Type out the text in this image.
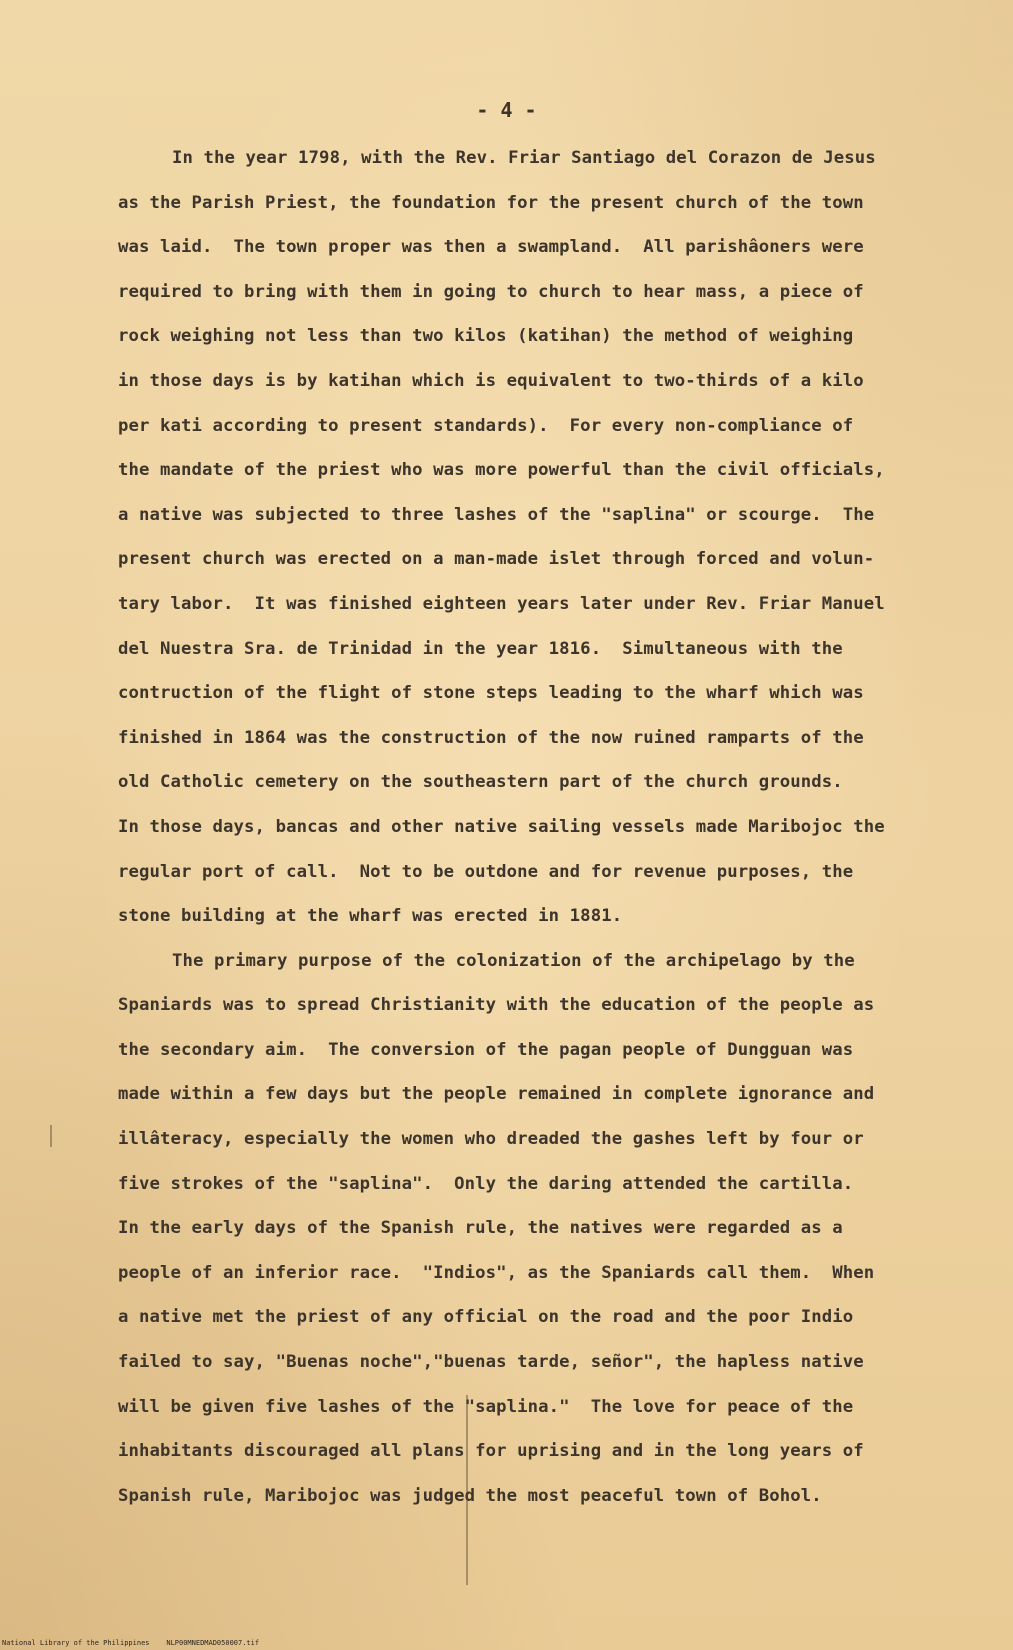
- 4 -
In the year 1798, with the Rev. Friar Santiago del Corazon de Jesus
as the Parish Priest, the foundation for the present church of the town
was laid.  The town proper was then a swampland.  All parishâoners were
required to bring with them in going to church to hear mass, a piece of
rock weighing not less than two kilos (katihan) the method of weighing
in those days is by katihan which is equivalent to two-thirds of a kilo
per kati according to present standards).  For every non-compliance of
the mandate of the priest who was more powerful than the civil officials,
a native was subjected to three lashes of the "saplina" or scourge.  The
present church was erected on a man-made islet through forced and volun-
tary labor.  It was finished eighteen years later under Rev. Friar Manuel
del Nuestra Sra. de Trinidad in the year 1816.  Simultaneous with the
contruction of the flight of stone steps leading to the wharf which was
finished in 1864 was the construction of the now ruined ramparts of the
old Catholic cemetery on the southeastern part of the church grounds.
In those days, bancas and other native sailing vessels made Maribojoc the
regular port of call.  Not to be outdone and for revenue purposes, the
stone building at the wharf was erected in 1881.
The primary purpose of the colonization of the archipelago by the
Spaniards was to spread Christianity with the education of the people as
the secondary aim.  The conversion of the pagan people of Dungguan was
made within a few days but the people remained in complete ignorance and
illâteracy, especially the women who dreaded the gashes left by four or
five strokes of the "saplina".  Only the daring attended the cartilla.
In the early days of the Spanish rule, the natives were regarded as a
people of an inferior race.  "Indios", as the Spaniards call them.  When
a native met the priest of any official on the road and the poor Indio
failed to say, "Buenas noche","buenas tarde, señor", the hapless native
will be given five lashes of the "saplina."  The love for peace of the
inhabitants discouraged all plans for uprising and in the long years of
Spanish rule, Maribojoc was judged the most peaceful town of Bohol.
National Library of the Philippines    NLP00MNEDMAD050007.tif
